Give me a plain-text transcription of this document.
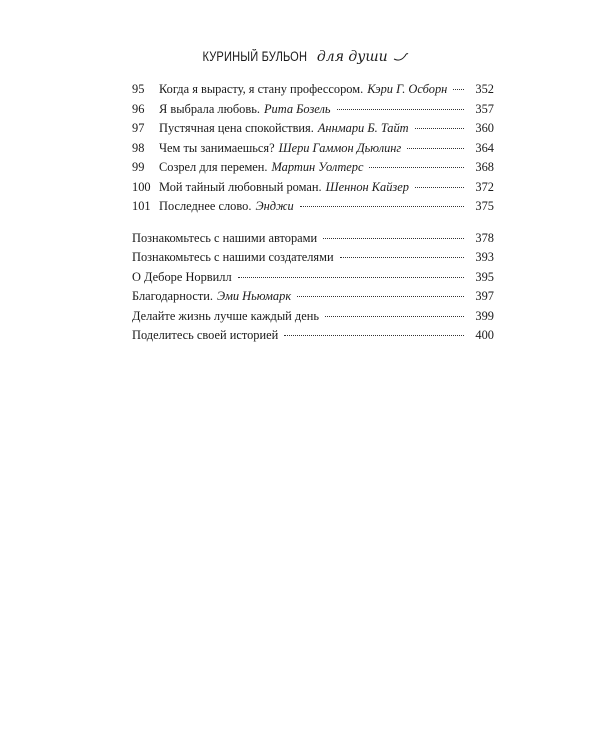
КУРИНЫЙ БУЛЬОН для души
95	Когда я вырасту, я стану профессором. Кэри Г. Осборн	352
96	Я выбрала любовь. Рита Бозель	357
97	Пустячная цена спокойствия. Аннмари Б. Тайт	360
98	Чем ты занимаешься? Шери Гаммон Дьюлинг	364
99	Созрел для перемен. Мартин Уолтерс	368
100 Мой тайный любовный роман. Шеннон Кайзер	372
101 Последнее слово. Энджи	375
Познакомьтесь с нашими авторами	378
Познакомьтесь с нашими создателями	393
О Деборе Норвилл	395
Благодарности. Эми Ньюмарк	397
Делайте жизнь лучше каждый день	399
Поделитесь своей историей	400
